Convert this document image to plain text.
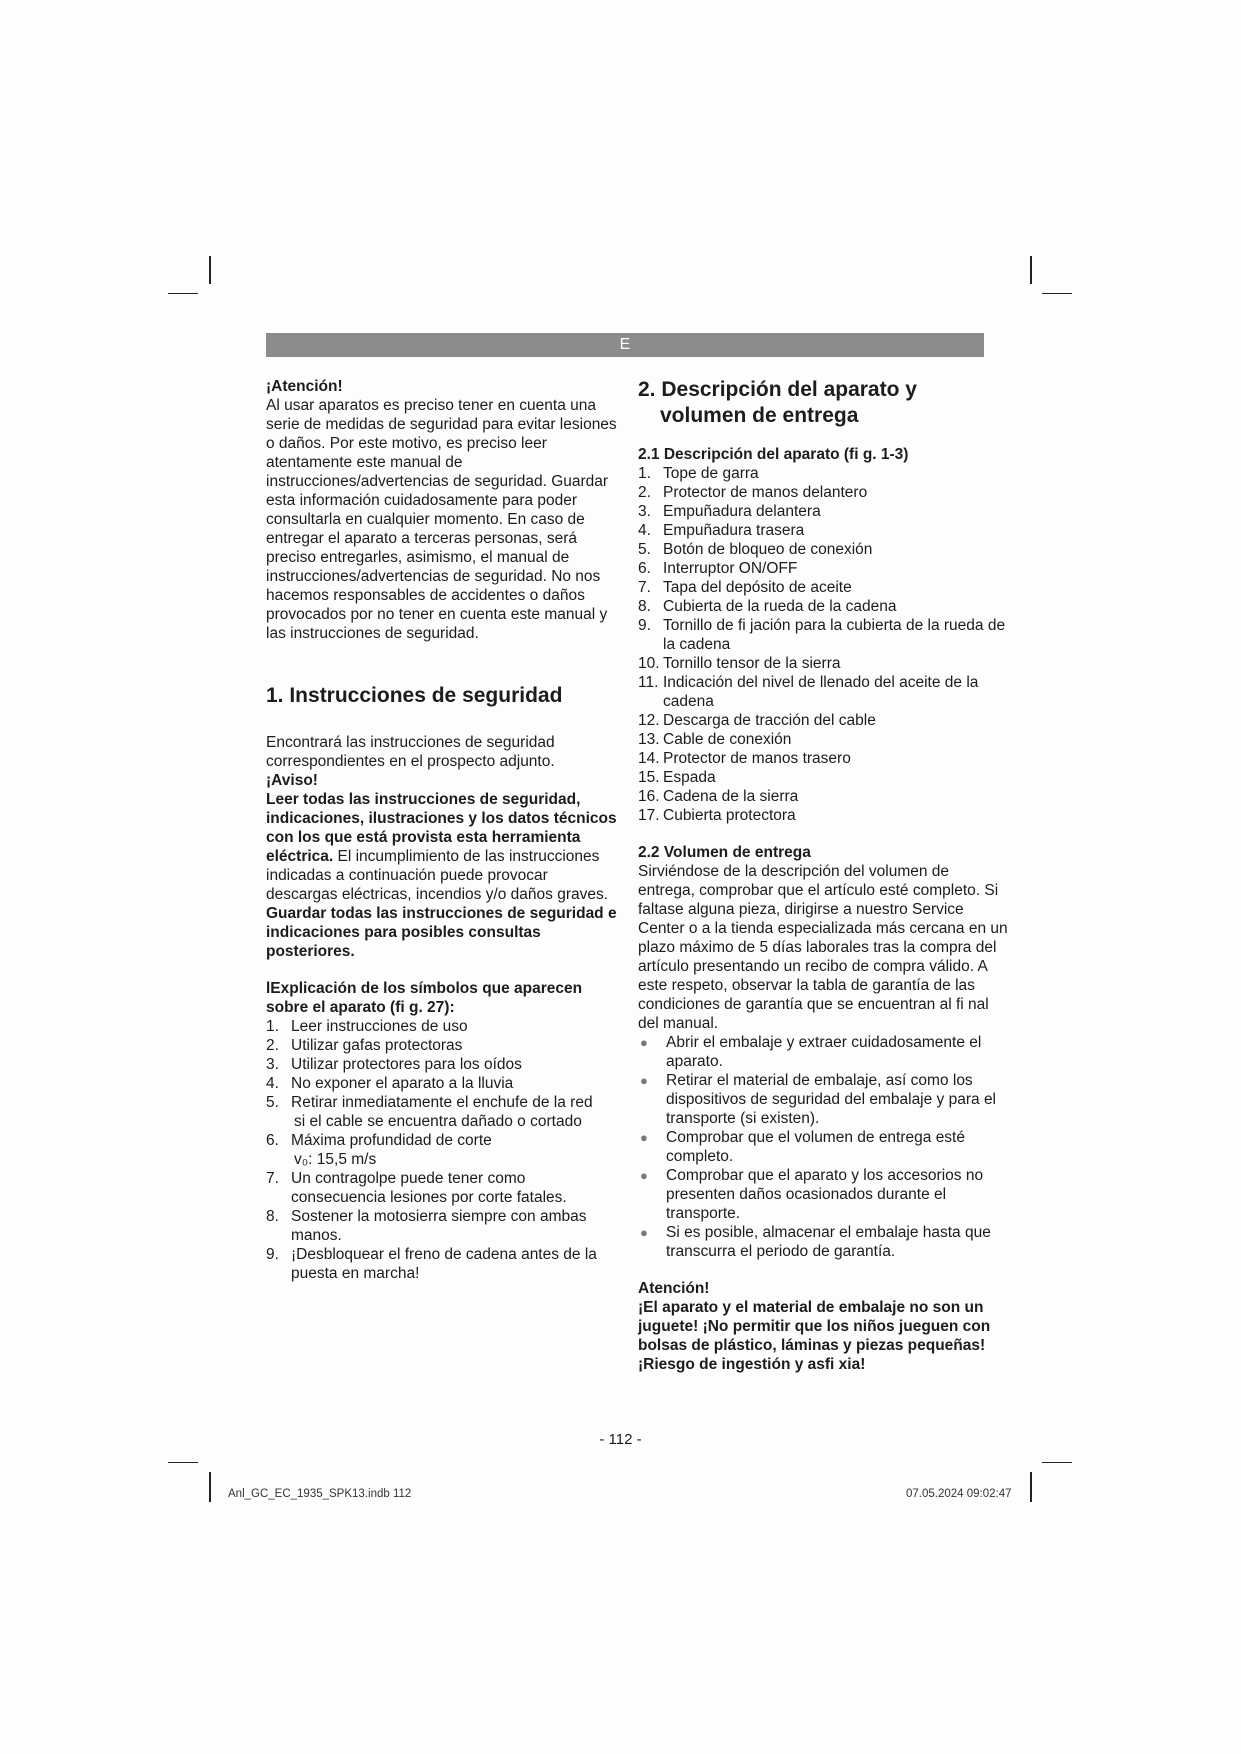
E

¡Atención!

Al usar aparatos es preciso tener en cuenta una serie de medidas de seguridad para evitar lesiones o daños. Por este motivo, es preciso leer atentamente este manual de instrucciones/advertencias de seguridad. Guardar esta información cuidadosamente para poder consultarla en cualquier momento. En caso de entregar el aparato a terceras personas, será preciso entregarles, asimismo, el manual de instrucciones/advertencias de seguridad. No nos hacemos responsables de accidentes o daños provocados por no tener en cuenta este manual y las instrucciones de seguridad.

1. Instrucciones de seguridad

Encontrará las instrucciones de seguridad correspondientes en el prospecto adjunto.

¡Aviso!

Leer todas las instrucciones de seguridad, indicaciones, ilustraciones y los datos técnicos con los que está provista esta herramienta eléctrica. El incumplimiento de las instrucciones indicadas a continuación puede provocar descargas eléctricas, incendios y/o daños graves.

Guardar todas las instrucciones de seguridad e indicaciones para posibles consultas posteriores.

lExplicación de los símbolos que aparecen sobre el aparato (fi g. 27):

1. Leer instrucciones de uso
2. Utilizar gafas protectoras
3. Utilizar protectores para los oídos
4. No exponer el aparato a la lluvia
5. Retirar inmediatamente el enchufe de la red
si el cable se encuentra dañado o cortado
6. Máxima profundidad de corte
v₀: 15,5 m/s
7. Un contragolpe puede tener como consecuencia lesiones por corte fatales.
8. Sostener la motosierra siempre con ambas manos.
9. ¡Desbloquear el freno de cadena antes de la puesta en marcha!
2. Descripción del aparato y
volumen de entrega

2.1 Descripción del aparato (fi g. 1-3)

1. Tope de garra
2. Protector de manos delantero
3. Empuñadura delantera
4. Empuñadura trasera
5. Botón de bloqueo de conexión
6. Interruptor ON/OFF
7. Tapa del depósito de aceite
8. Cubierta de la rueda de la cadena
9. Tornillo de fi jación para la cubierta de la rueda de la cadena
10. Tornillo tensor de la sierra
11. Indicación del nivel de llenado del aceite de la cadena
12. Descarga de tracción del cable
13. Cable de conexión
14. Protector de manos trasero
15. Espada
16. Cadena de la sierra
17. Cubierta protectora

2.2 Volumen de entrega

Sirviéndose de la descripción del volumen de entrega, comprobar que el artículo esté completo. Si faltase alguna pieza, dirigirse a nuestro Service Center o a la tienda especializada más cercana en un plazo máximo de 5 días laborales tras la compra del artículo presentando un recibo de compra válido. A este respeto, observar la tabla de garantía de las condiciones de garantía que se encuentran al fi nal del manual.

● Abrir el embalaje y extraer cuidadosamente el aparato.
● Retirar el material de embalaje, así como los dispositivos de seguridad del embalaje y para el transporte (si existen).
● Comprobar que el volumen de entrega esté completo.
● Comprobar que el aparato y los accesorios no presenten daños ocasionados durante el transporte.
● Si es posible, almacenar el embalaje hasta que transcurra el periodo de garantía.

Atención!

¡El aparato y el material de embalaje no son un juguete! ¡No permitir que los niños jueguen con bolsas de plástico, láminas y piezas pequeñas! ¡Riesgo de ingestión y asfi xia!

- 112 -
Anl_GC_EC_1935_SPK13.indb 112	07.05.2024 09:02:47
